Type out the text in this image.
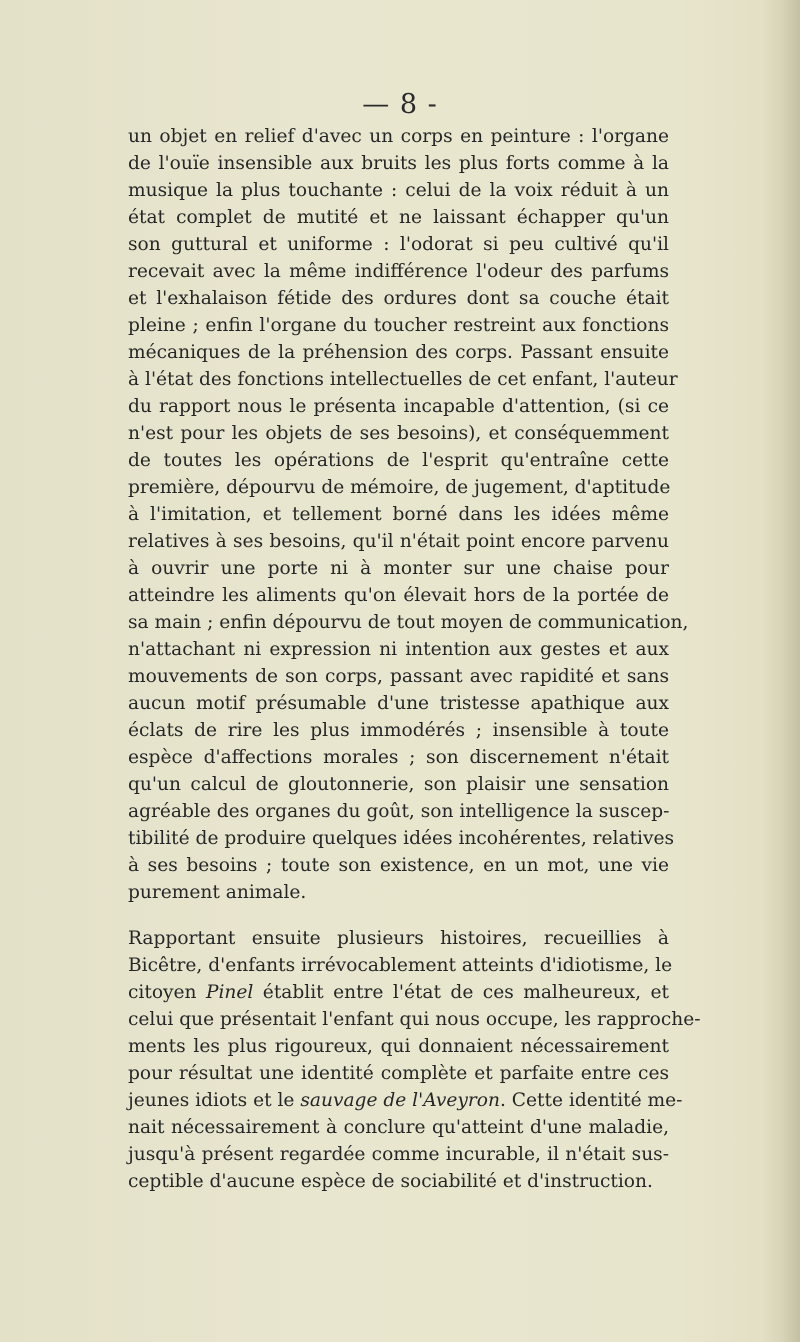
— 8 -

un objet en relief d'avec un corps en peinture : l'organe
de l'ouïe insensible aux bruits les plus forts comme à la
musique la plus touchante : celui de la voix réduit à un
état complet de mutité et ne laissant échapper qu'un
son guttural et uniforme : l'odorat si peu cultivé qu'il
recevait avec la même indifférence l'odeur des parfums
et l'exhalaison fétide des ordures dont sa couche était
pleine ; enfin l'organe du toucher restreint aux fonctions
mécaniques de la préhension des corps. Passant ensuite
à l'état des fonctions intellectuelles de cet enfant, l'auteur
du rapport nous le présenta incapable d'attention, (si ce
n'est pour les objets de ses besoins), et conséquemment
de toutes les opérations de l'esprit qu'entraîne cette
première, dépourvu de mémoire, de jugement, d'aptitude
à l'imitation, et tellement borné dans les idées même
relatives à ses besoins, qu'il n'était point encore parvenu
à ouvrir une porte ni à monter sur une chaise pour
atteindre les aliments qu'on élevait hors de la portée de
sa main ; enfin dépourvu de tout moyen de communication,
n'attachant ni expression ni intention aux gestes et aux
mouvements de son corps, passant avec rapidité et sans
aucun motif présumable d'une tristesse apathique aux
éclats de rire les plus immodérés ; insensible à toute
espèce d'affections morales ; son discernement n'était
qu'un calcul de gloutonnerie, son plaisir une sensation
agréable des organes du goût, son intelligence la suscep-
tibilité de produire quelques idées incohérentes, relatives
à ses besoins ; toute son existence, en un mot, une vie
purement animale.
Rapportant ensuite plusieurs histoires, recueillies à
Bicêtre, d'enfants irrévocablement atteints d'idiotisme, le
citoyen Pinel établit entre l'état de ces malheureux, et
celui que présentait l'enfant qui nous occupe, les rapproche-
ments les plus rigoureux, qui donnaient nécessairement
pour résultat une identité complète et parfaite entre ces
jeunes idiots et le sauvage de l'Aveyron. Cette identité me-
nait nécessairement à conclure qu'atteint d'une maladie,
jusqu'à présent regardée comme incurable, il n'était sus-
ceptible d'aucune espèce de sociabilité et d'instruction.
